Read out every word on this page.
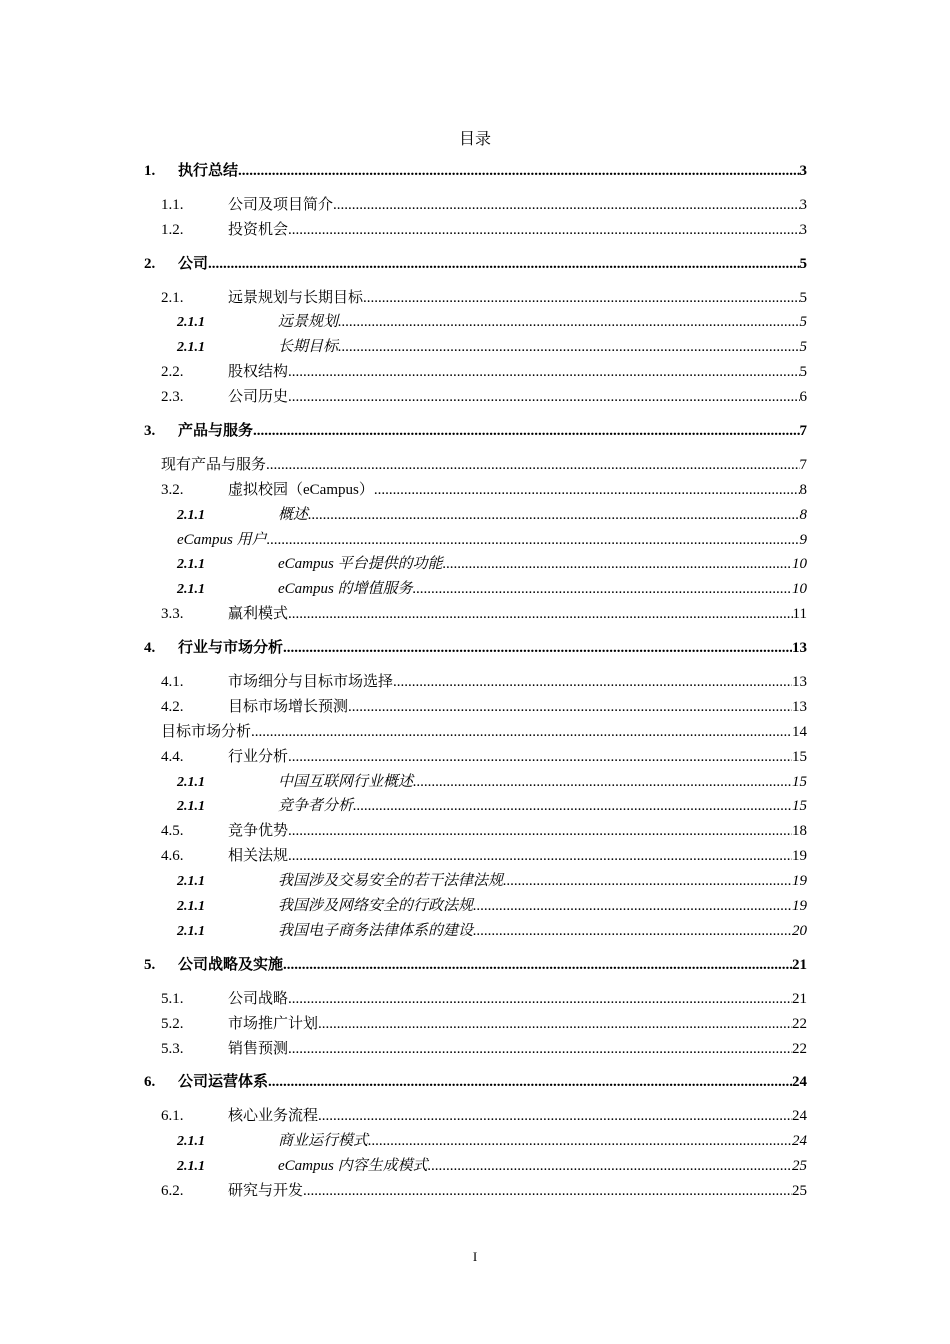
目录
1.	执行总结 .....	3
1.1.	公司及项目简介 .....	3
1.2.	投资机会 .....	3
2.	公司 .....	5
2.1.	远景规划与长期目标 .....	5
2.1.1	远景规划 .....	5
2.1.1	长期目标 .....	5
2.2.	股权结构 .....	5
2.3.	公司历史 .....	6
3.	产品与服务 .....	7
现有产品与服务 .....	7
3.2.	虚拟校园（eCampus） .....	8
2.1.1	概述 .....	8
eCampus 用户 .....	9
2.1.1	eCampus 平台提供的功能 .....	10
2.1.1	eCampus 的增值服务 .....	10
3.3.	赢利模式 .....	11
4.	行业与市场分析 .....	13
4.1.	市场细分与目标市场选择 .....	13
4.2.	目标市场增长预测 .....	13
目标市场分析 .....	14
4.4.	行业分析 .....	15
2.1.1	中国互联网行业概述 .....	15
2.1.1	竞争者分析 .....	15
4.5.	竞争优势 .....	18
4.6.	相关法规 .....	19
2.1.1	我国涉及交易安全的若干法律法规 .....	19
2.1.1	我国涉及网络安全的行政法规 .....	19
2.1.1	我国电子商务法律体系的建设 .....	20
5.	公司战略及实施 .....	21
5.1.	公司战略 .....	21
5.2.	市场推广计划 .....	22
5.3.	销售预测 .....	22
6.	公司运营体系 .....	24
6.1.	核心业务流程 .....	24
2.1.1	商业运行模式 .....	24
2.1.1	eCampus 内容生成模式 .....	25
6.2.	研究与开发 .....	25
I
